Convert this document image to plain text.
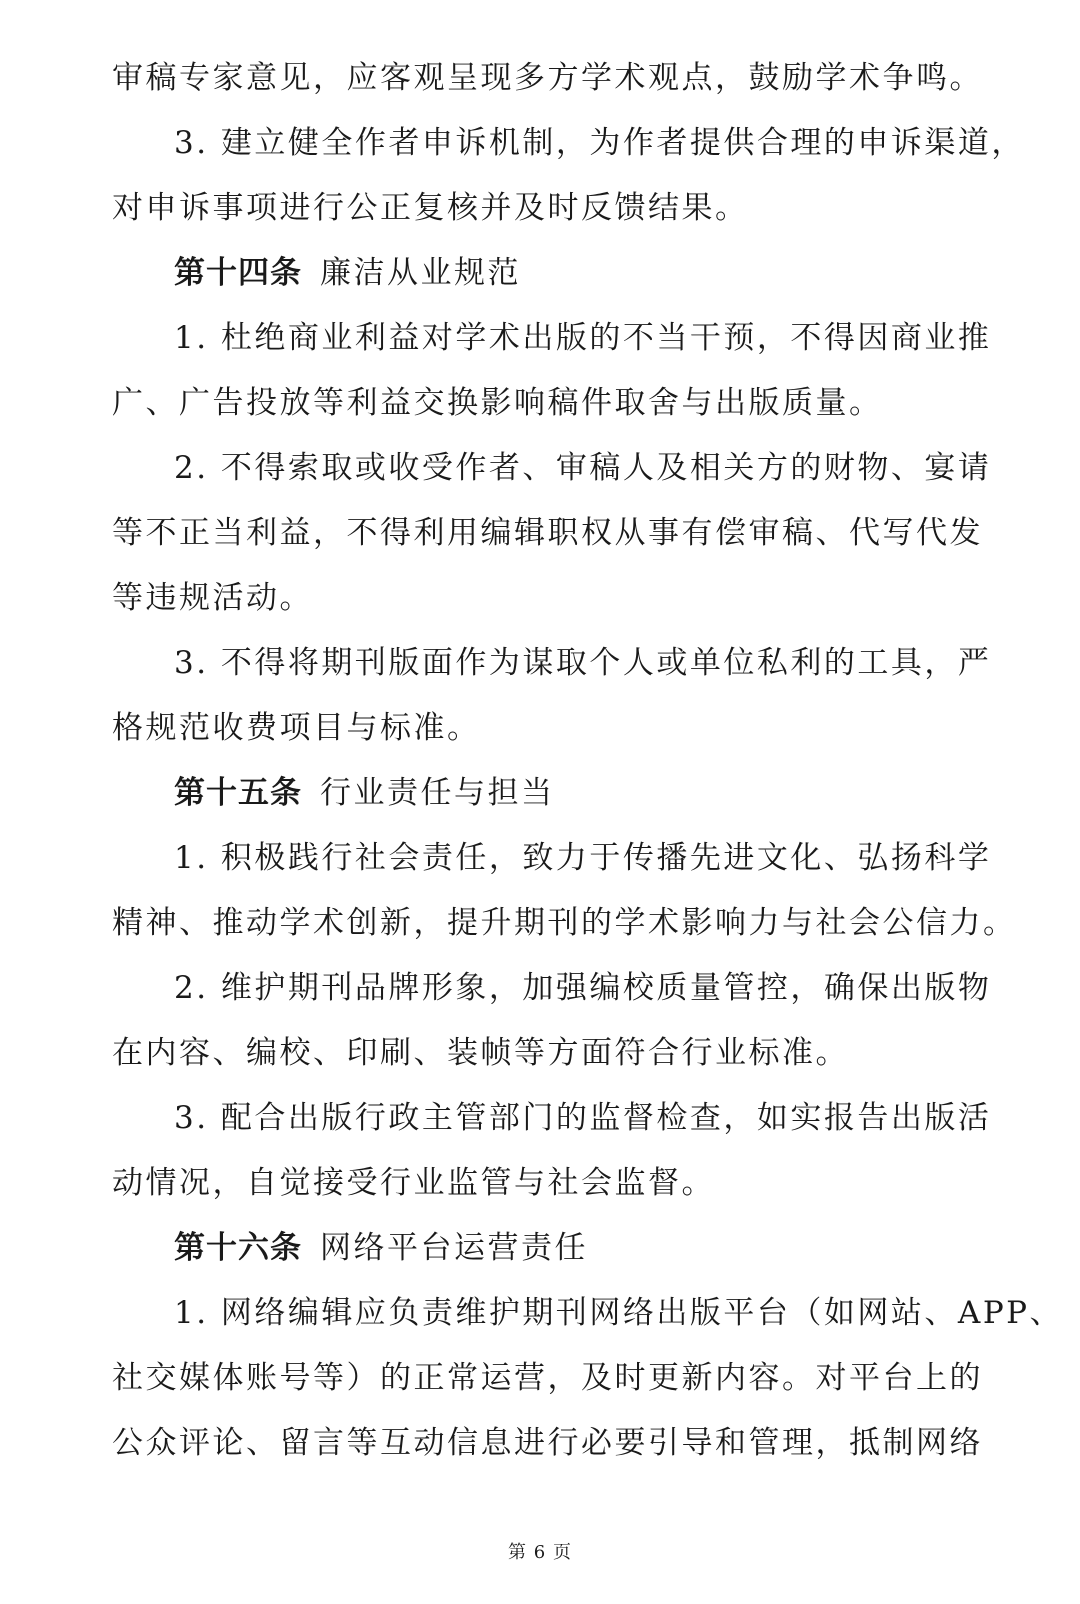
审稿专家意见，应客观呈现多方学术观点，鼓励学术争鸣。
3. 建立健全作者申诉机制，为作者提供合理的申诉渠道，
对申诉事项进行公正复核并及时反馈结果。
第十四条 廉洁从业规范
1. 杜绝商业利益对学术出版的不当干预，不得因商业推
广、广告投放等利益交换影响稿件取舍与出版质量。
2. 不得索取或收受作者、审稿人及相关方的财物、宴请
等不正当利益，不得利用编辑职权从事有偿审稿、代写代发
等违规活动。
3. 不得将期刊版面作为谋取个人或单位私利的工具，严
格规范收费项目与标准。
第十五条 行业责任与担当
1. 积极践行社会责任，致力于传播先进文化、弘扬科学
精神、推动学术创新，提升期刊的学术影响力与社会公信力。
2. 维护期刊品牌形象，加强编校质量管控，确保出版物
在内容、编校、印刷、装帧等方面符合行业标准。
3. 配合出版行政主管部门的监督检查，如实报告出版活
动情况，自觉接受行业监管与社会监督。
第十六条 网络平台运营责任
1. 网络编辑应负责维护期刊网络出版平台（如网站、APP、
社交媒体账号等）的正常运营，及时更新内容。对平台上的
公众评论、留言等互动信息进行必要引导和管理，抵制网络
第 6 页
